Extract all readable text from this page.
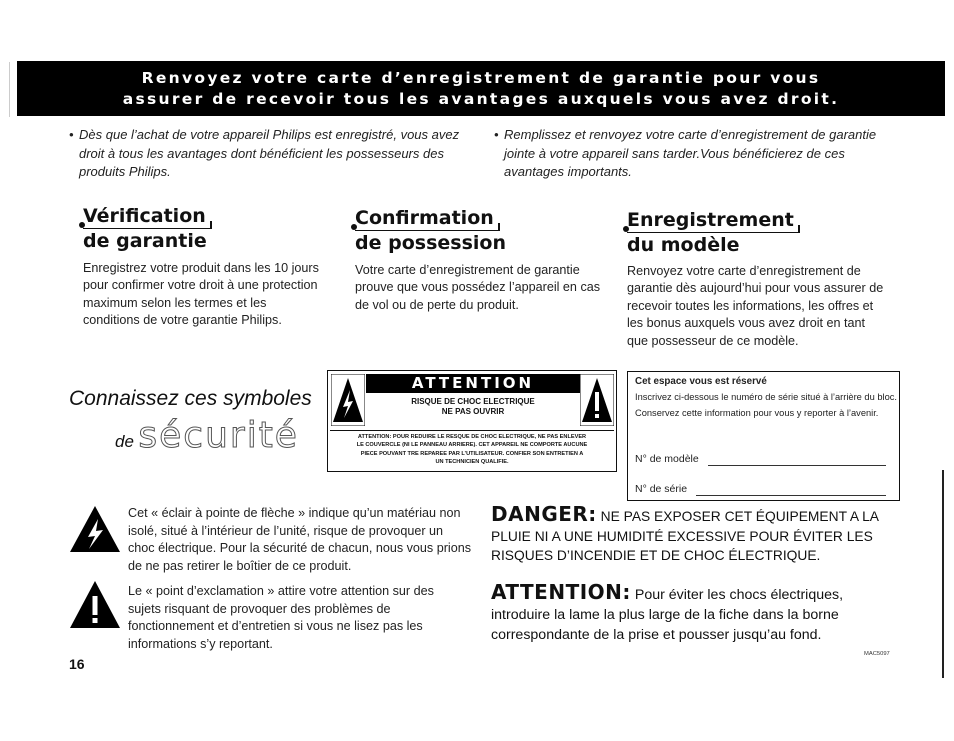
Renvoyez votre carte d’enregistrement de garantie pour vous
assurer de recevoir tous les avantages auxquels vous avez droit.
• Dès que l’achat de votre appareil Philips est enregistré, vous avez droit à tous les avantages dont bénéficient les possesseurs des produits Philips.
• Remplissez et renvoyez votre carte d’enregistrement de garantie jointe à votre appareil sans tarder.Vous bénéficierez de ces avantages importants.
Vérification
de garantie
Enregistrez votre produit dans les 10 jours pour confirmer votre droit à une protection maximum selon les termes et les conditions de votre garantie Philips.
Confirmation
de possession
Votre carte d’enregistrement de garantie prouve que vous possédez l’appareil en cas de vol ou de perte du produit.
Enregistrement
du modèle
Renvoyez votre carte d’enregistrement de garantie dès aujourd’hui pour vous assurer de recevoir toutes les informations, les offres et les bonus auxquels vous avez droit en tant que possesseur de ce modèle.
Connaissez ces symboles
de sécurité
ATTENTION
RISQUE DE CHOC ELECTRIQUE
NE PAS OUVRIR
ATTENTION: POUR REDUIRE LE RESQUE DE CHOC ELECTRIQUE, NE PAS ENLEVER
LE COUVERCLE (NI LE PANNEAU ARRIERE). CET APPAREIL NE COMPORTE AUCUNE
PIECE POUVANT TRE REPAREE PAR L’UTILISATEUR. CONFIER SON ENTRETIEN A
UN TECHNICIEN QUALIFIE.
Cet espace vous est réservé
Inscrivez ci-dessous le numéro de série situé à l’arrière du bloc. Conservez cette information pour vous y reporter à l’avenir.
N° de modèle
N° de série
Cet « éclair à pointe de flèche » indique qu’un matériau non isolé, situé à l’intérieur de l’unité, risque de provoquer un choc électrique. Pour la sécurité de chacun, nous vous prions de ne pas retirer le boîtier de ce produit.
Le « point d’exclamation » attire votre attention sur des sujets risquant de provoquer des problèmes de fonctionnement et d’entretien si vous ne lisez pas les informations s’y reportant.
DANGER: NE PAS EXPOSER CET ÉQUIPEMENT A LA PLUIE NI A UNE HUMIDITÉ EXCESSIVE POUR ÉVITER LES RISQUES D’INCENDIE ET DE CHOC ÉLECTRIQUE.
ATTENTION: Pour éviter les chocs électriques, introduire la lame la plus large de la fiche dans la borne correspondante de la prise et pousser jusqu’au fond.
16
MAC5097
